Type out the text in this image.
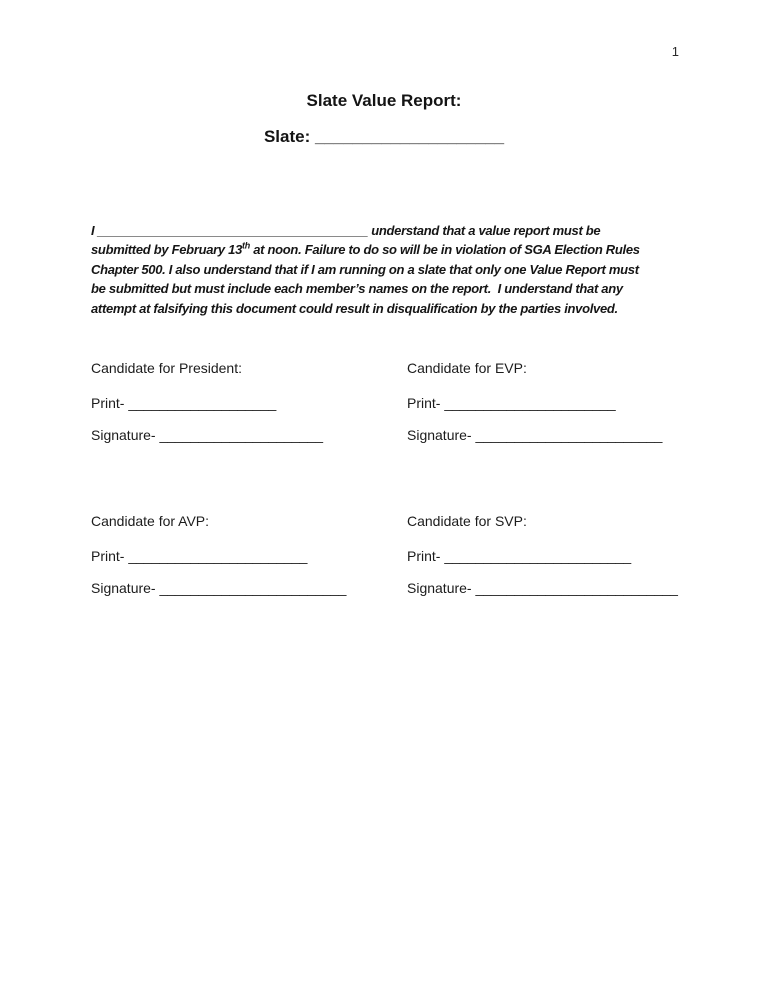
1
Slate Value Report:
Slate: ____________________
I _______________________________________ understand that a value report must be
submitted by February 13th at noon. Failure to do so will be in violation of SGA Election Rules
Chapter 500. I also understand that if I am running on a slate that only one Value Report must
be submitted but must include each member’s names on the report.  I understand that any
attempt at falsifying this document could result in disqualification by the parties involved.
Candidate for President:
Print- ___________________
Signature- _____________________
Candidate for EVP:
Print- ______________________
Signature- ________________________
Candidate for AVP:
Print- _______________________
Signature- ________________________
Candidate for SVP:
Print- ________________________
Signature- __________________________
